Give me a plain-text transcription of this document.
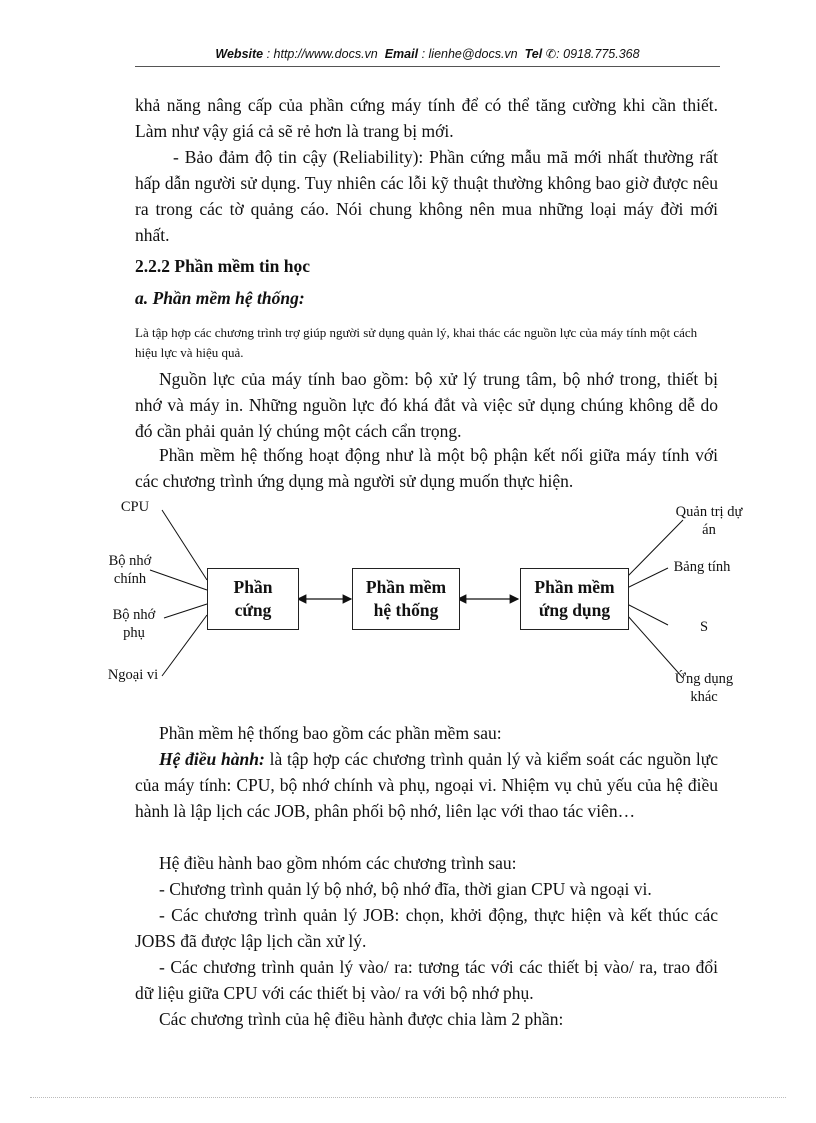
Website : http://www.docs.vn Email : lienhe@docs.vn Tel ✆: 0918.775.368

khả năng nâng cấp của phần cứng máy tính để có thể tăng cường khi cần thiết. Làm như vậy giá cả sẽ rẻ hơn là trang bị mới.

- Bảo đảm độ tin cậy (Reliability): Phần cứng mẫu mã mới nhất thường rất hấp dẫn người sử dụng. Tuy nhiên các lỗi kỹ thuật thường không bao giờ được nêu ra trong các tờ quảng cáo. Nói chung không nên mua những loại máy đời mới nhất.

2.2.2 Phần mềm tin học

a. Phần mềm hệ thống:

Là tập hợp các chương trình trợ giúp người sử dụng quản lý, khai thác các nguồn lực của máy tính một cách hiệu lực và hiệu quả.

Nguồn lực của máy tính bao gồm: bộ xử lý trung tâm, bộ nhớ trong, thiết bị nhớ và máy in. Những nguồn lực đó khá đắt và việc sử dụng chúng không dễ do đó cần phải quản lý chúng một cách cẩn trọng.

Phần mềm hệ thống hoạt động như là một bộ phận kết nối giữa máy tính với các chương trình ứng dụng mà người sử dụng muốn thực hiện.

Phần
cứng
Phần mềm
hệ thống
Phần mềm
ứng dụng
CPU
Bộ nhớ
chính
Bộ nhớ
phụ
Ngoại vi
Quản trị dự
án
Bảng tính
S
Ứng dụng
khác

Phần mềm hệ thống bao gồm các phần mềm sau:

Hệ điều hành: là tập hợp các chương trình quản lý và kiểm soát các nguồn lực của máy tính: CPU, bộ nhớ chính và phụ, ngoại vi. Nhiệm vụ chủ yếu của hệ điều hành là lập lịch các JOB, phân phối bộ nhớ, liên lạc với thao tác viên…

Hệ điều hành bao gồm nhóm các chương trình sau:

- Chương trình quản lý bộ nhớ, bộ nhớ đĩa, thời gian CPU và ngoại vi.

- Các chương trình quản lý JOB: chọn, khởi động, thực hiện và kết thúc các JOBS đã được lập lịch cần xử lý.

- Các chương trình quản lý vào/ ra: tương tác với các thiết bị vào/ ra, trao đổi dữ liệu giữa CPU với các thiết bị vào/ ra với bộ nhớ phụ.

Các chương trình của hệ điều hành được chia làm 2 phần:
